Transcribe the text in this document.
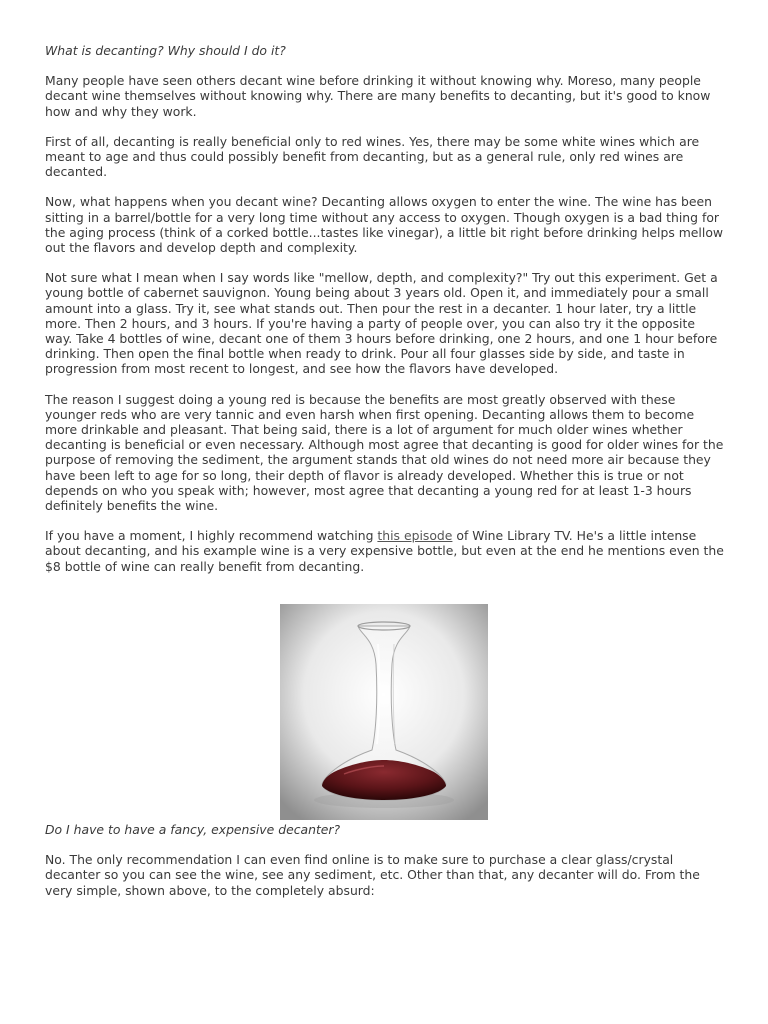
What is decanting? Why should I do it?

Many people have seen others decant wine before drinking it without knowing why. Moreso, many people decant wine themselves without knowing why. There are many benefits to decanting, but it's good to know how and why they work.

First of all, decanting is really beneficial only to red wines. Yes, there may be some white wines which are meant to age and thus could possibly benefit from decanting, but as a general rule, only red wines are decanted.

Now, what happens when you decant wine? Decanting allows oxygen to enter the wine. The wine has been sitting in a barrel/bottle for a very long time without any access to oxygen. Though oxygen is a bad thing for the aging process (think of a corked bottle...tastes like vinegar), a little bit right before drinking helps mellow out the flavors and develop depth and complexity.

Not sure what I mean when I say words like "mellow, depth, and complexity?" Try out this experiment. Get a young bottle of cabernet sauvignon. Young being about 3 years old. Open it, and immediately pour a small amount into a glass. Try it, see what stands out. Then pour the rest in a decanter. 1 hour later, try a little more. Then 2 hours, and 3 hours. If you're having a party of people over, you can also try it the opposite way. Take 4 bottles of wine, decant one of them 3 hours before drinking, one 2 hours, and one 1 hour before drinking. Then open the final bottle when ready to drink. Pour all four glasses side by side, and taste in progression from most recent to longest, and see how the flavors have developed.

The reason I suggest doing a young red is because the benefits are most greatly observed with these younger reds who are very tannic and even harsh when first opening. Decanting allows them to become more drinkable and pleasant. That being said, there is a lot of argument for much older wines whether decanting is beneficial or even necessary. Although most agree that decanting is good for older wines for the purpose of removing the sediment, the argument stands that old wines do not need more air because they have been left to age for so long, their depth of flavor is already developed. Whether this is true or not depends on who you speak with; however, most agree that decanting a young red for at least 1-3 hours definitely benefits the wine.

If you have a moment, I highly recommend watching this episode of Wine Library TV. He's a little intense about decanting, and his example wine is a very expensive bottle, but even at the end he mentions even the $8 bottle of wine can really benefit from decanting.

Do I have to have a fancy, expensive decanter?

No. The only recommendation I can even find online is to make sure to purchase a clear glass/crystal decanter so you can see the wine, see any sediment, etc. Other than that, any decanter will do. From the very simple, shown above, to the completely absurd:
